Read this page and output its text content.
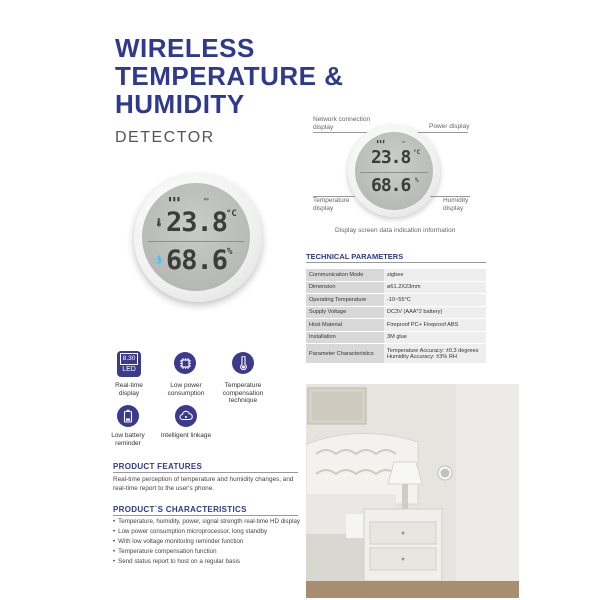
WIRELESS
TEMPERATURE &
HUMIDITY
DETECTOR
▮▮▮	▭
🌡 23.8
°C
💧 68.6 %
▮▮▮	▭
23.8 °C
68.6 %
Network connection display	Power display
Temperature display
Humidity display
Display screen data indication information
TECHNICAL PARAMETERS
Communication Mode	zigbee
Dimension	ø61.2X23mm
Operating Temperature	-10~55°C
Supply Voltage	DC3V (AAA*2 battery)
Host Material	Fireproof PC+ Fireproof ABS
Installation	3M glue
Parameter Characteristics	Temperature Accuracy: ±0.3 degrees
Humidity Accuracy: ±3% RH
8.30
LED
Real-time display
Low power consumption
Temperature compensation technique
Low battery reminder
Intelligent linkage
PRODUCT FEATURES
Real-time perception of temperature and humidity changes, and real-time report to the user's phone.
PRODUCT`S CHARACTERISTICS
• Temperature, humidity, power, signal strength real-time HD display
• Low power consumption microprocessor, long standby
• With low voltage monitoring reminder function
• Temperature compensation function
• Send status report to host on a regular basis
